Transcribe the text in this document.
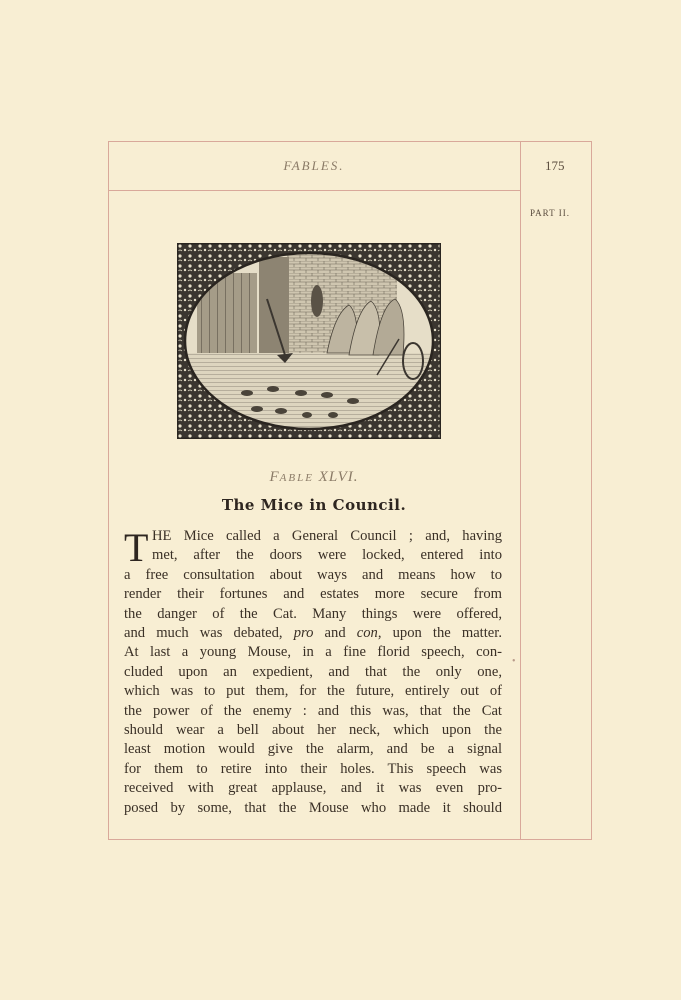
FABLES.	175
PART II.
FABLE XLVI.
The Mice in Council.
T HE Mice called a General Council ; and, having
met, after the doors were locked, entered into
a free consultation about ways and means how to
render their fortunes and estates more secure from
the danger of the Cat. Many things were offered,
and much was debated, pro and con, upon the matter.
At last a young Mouse, in a fine florid speech, con-
cluded upon an expedient, and that the only one,
which was to put them, for the future, entirely out of
the power of the enemy : and this was, that the Cat
should wear a bell about her neck, which upon the
least motion would give the alarm, and be a signal
for them to retire into their holes. This speech was
received with great applause, and it was even pro-
posed by some, that the Mouse who made it should
•
